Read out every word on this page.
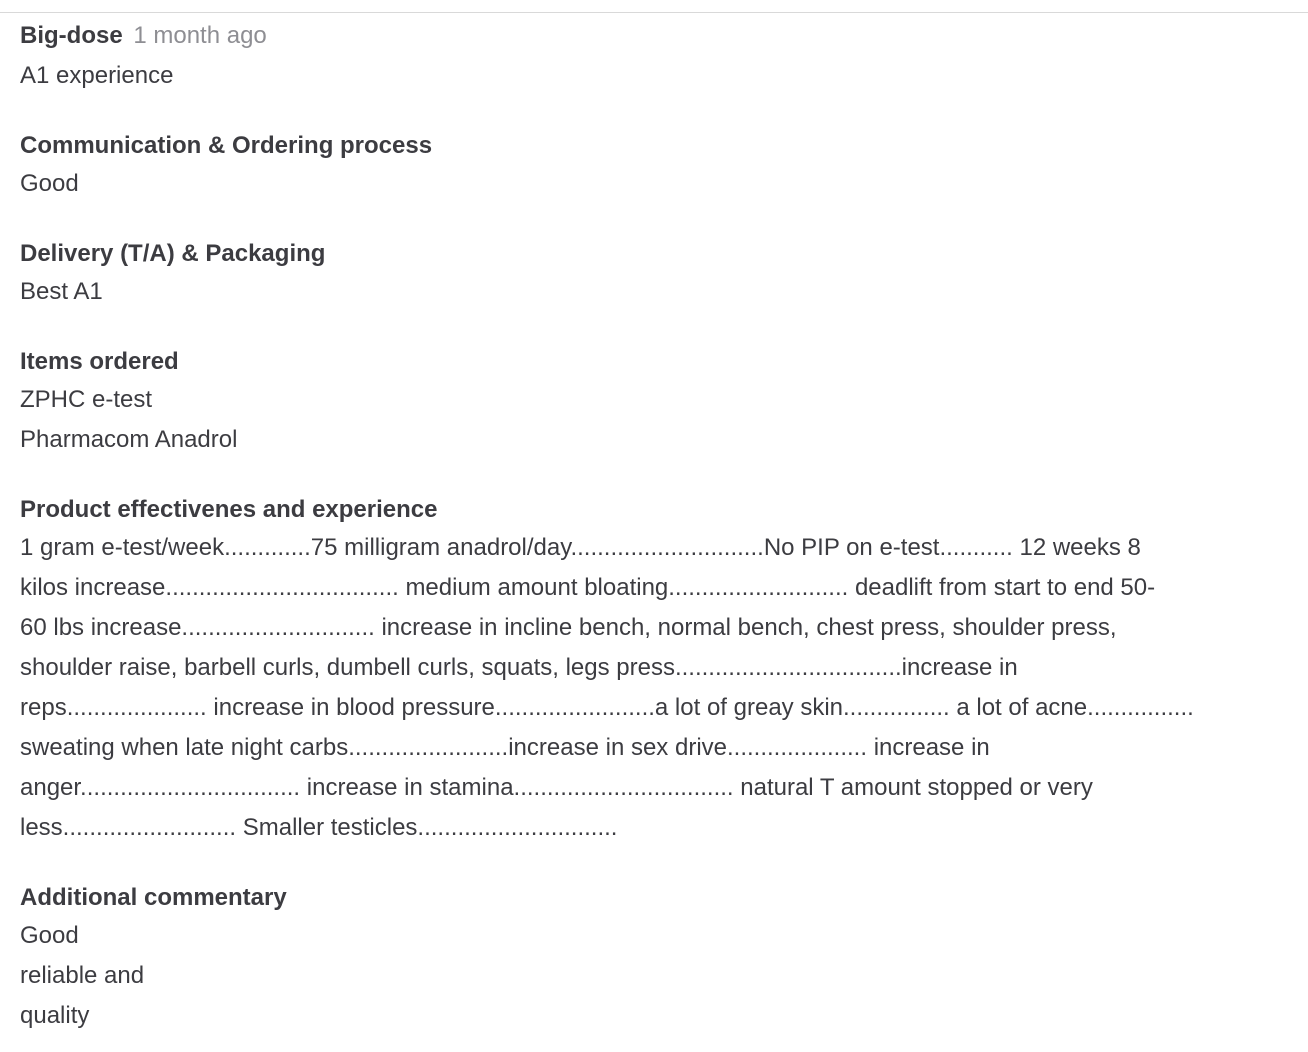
Big-dose 1 month ago
A1 experience
Communication & Ordering process
Good
Delivery (T/A) & Packaging
Best A1
Items ordered
ZPHC e-test
Pharmacom Anadrol
Product effectivenes and experience
1 gram e-test/week.............75 milligram anadrol/day.............................No PIP on e-test........... 12 weeks 8
kilos increase................................... medium amount bloating........................... deadlift from start to end 50-
60 lbs increase............................. increase in incline bench, normal bench, chest press, shoulder press,
shoulder raise, barbell curls, dumbell curls, squats, legs press..................................increase in
reps..................... increase in blood pressure........................a lot of greay skin................ a lot of acne................
sweating when late night carbs........................increase in sex drive..................... increase in
anger................................. increase in stamina................................. natural T amount stopped or very
less.......................... Smaller testicles..............................
Additional commentary
Good
reliable and
quality
